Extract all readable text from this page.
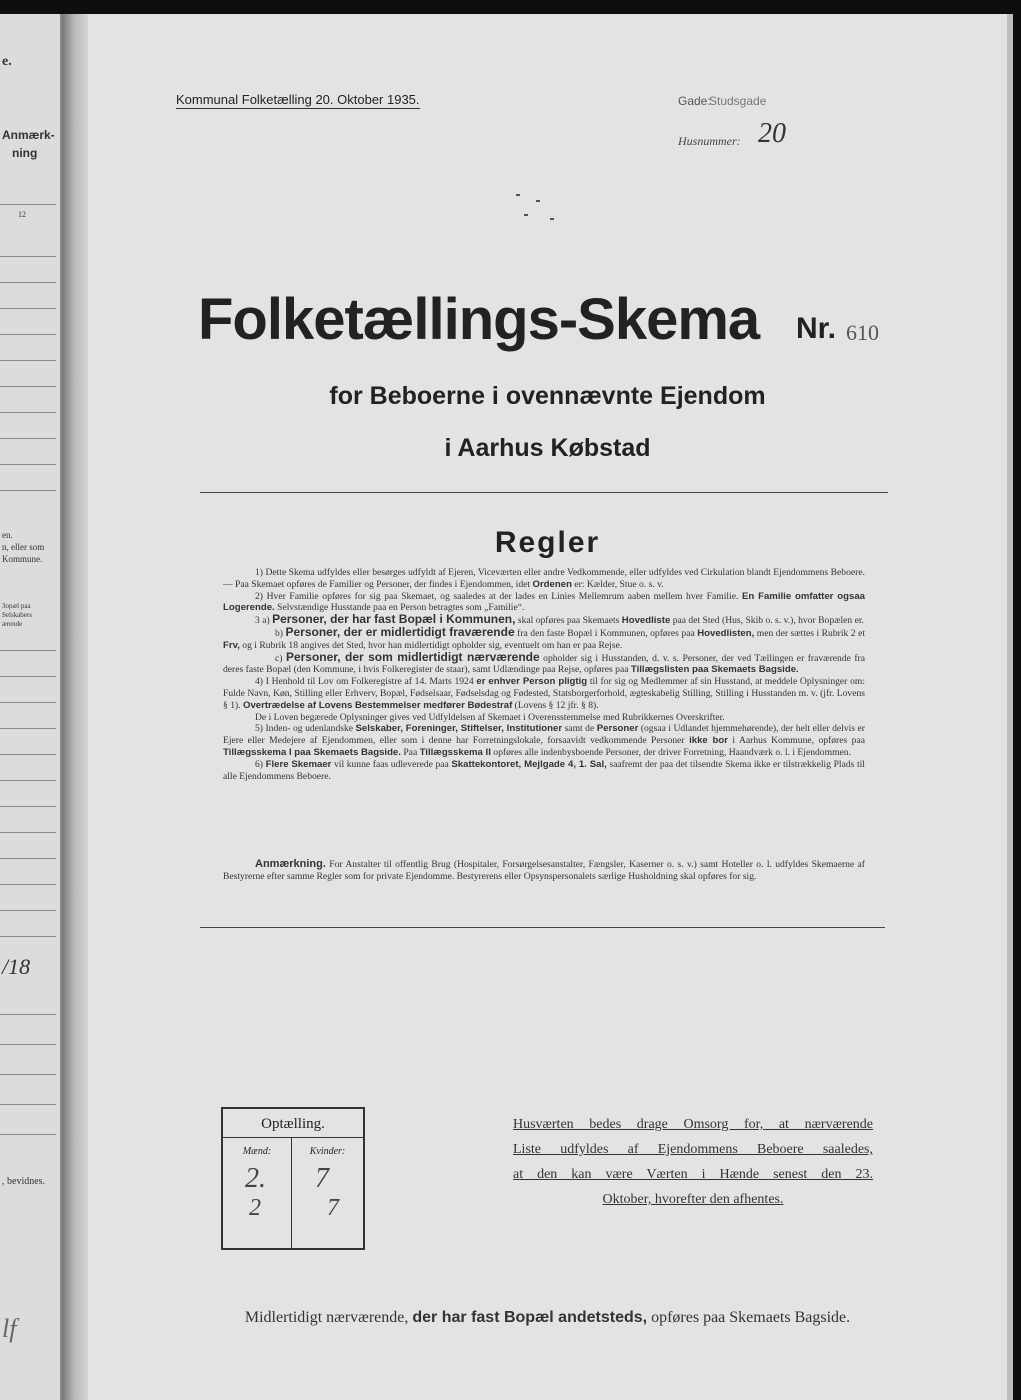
e.
Anmærk-
ning
12
en.
n, eller som
Kommune.
3opæl paa
Selskabers
ærende
/18
, bevidnes.
lf
Kommunal Folketælling 20. Oktober 1935.	Gade:
Studsgade
Husnummer: 20
Folketællings-Skema Nr. 610
for Beboerne i ovennævnte Ejendom
i Aarhus Købstad
Regler

1) Dette Skema udfyldes eller besørges udfyldt af Ejeren, Viceværten eller andre Vedkommende, eller udfyldes ved Cirkulation blandt Ejendommens Beboere. — Paa Skemaet opføres de Familier og Personer, der findes i Ejendommen, idet Ordenen er: Kælder, Stue o. s. v.

2) Hver Familie opføres for sig paa Skemaet, og saaledes at der lades en Linies Mellemrum aaben mellem hver Familie. En Familie omfatter ogsaa Logerende. Selvstændige Husstande paa en Person betragtes som „Familie“.

3 a) Personer, der har fast Bopæl i Kommunen, skal opføres paa Skemaets Hovedliste paa det Sted (Hus, Skib o. s. v.), hvor Bopælen er.

b) Personer, der er midlertidigt fraværende fra den faste Bopæl i Kommunen, opføres paa Hovedlisten, men der sættes i Rubrik 2 et Frv, og i Rubrik 18 angives det Sted, hvor han midlertidigt opholder sig, eventuelt om han er paa Rejse.

c) Personer, der som midlertidigt nærværende opholder sig i Husstanden, d. v. s. Personer, der ved Tællingen er fraværende fra deres faste Bopæl (den Kommune, i hvis Folkeregister de staar), samt Udlændinge paa Rejse, opføres paa Tillægslisten paa Skemaets Bagside.

4) I Henhold til Lov om Folkeregistre af 14. Marts 1924 er enhver Person pligtig til for sig og Medlemmer af sin Husstand, at meddele Oplysninger om: Fulde Navn, Køn, Stilling eller Erhverv, Bopæl, Fødselsaar, Fødselsdag og Fødested, Statsborgerforhold, ægteskabelig Stilling, Stilling i Husstanden m. v. (jfr. Lovens § 1). Overtrædelse af Lovens Bestemmelser medfører Bødestraf (Lovens § 12 jfr. § 8).

De i Loven begærede Oplysninger gives ved Udfyldelsen af Skemaet i Overensstemmelse med Rubrikkernes Overskrifter.

5) Inden- og udenlandske Selskaber, Foreninger, Stiftelser, Institutioner samt de Personer (ogsaa i Udlandet hjemmehørende), der helt eller delvis er Ejere eller Medejere af Ejendommen, eller som i denne har Forretningslokale, forsaavidt vedkommende Personer ikke bor i Aarhus Kommune, opføres paa Tillægsskema I paa Skemaets Bagside. Paa Tillægsskema II opføres alle indenbysboende Personer, der driver Forretning, Haandværk o. l. i Ejendommen.

6) Flere Skemaer vil kunne faas udleverede paa Skattekontoret, Mejlgade 4, 1. Sal, saafremt der paa det tilsendte Skema ikke er tilstrækkelig Plads til alle Ejendommens Beboere.

Anmærkning. For Anstalter til offentlig Brug (Hospitaler, Forsørgelsesanstalter, Fængsler, Kaserner o. s. v.) samt Hoteller o. l. udfyldes Skemaerne af Bestyrerne efter samme Regler som for private Ejendomme. Bestyrerens eller Opsynspersonalets særlige Husholdning skal opføres for sig.

Optælling.
Mænd:	Kvinder:
2.
2
7
7
Husværten bedes drage Omsorg for, at nærværende
Liste udfyldes af Ejendommens Beboere saaledes,
at den kan være Værten i Hænde senest den 23.
Oktober, hvorefter den afhentes.
Midlertidigt nærværende, der har fast Bopæl andetsteds, opføres paa Skemaets Bagside.
